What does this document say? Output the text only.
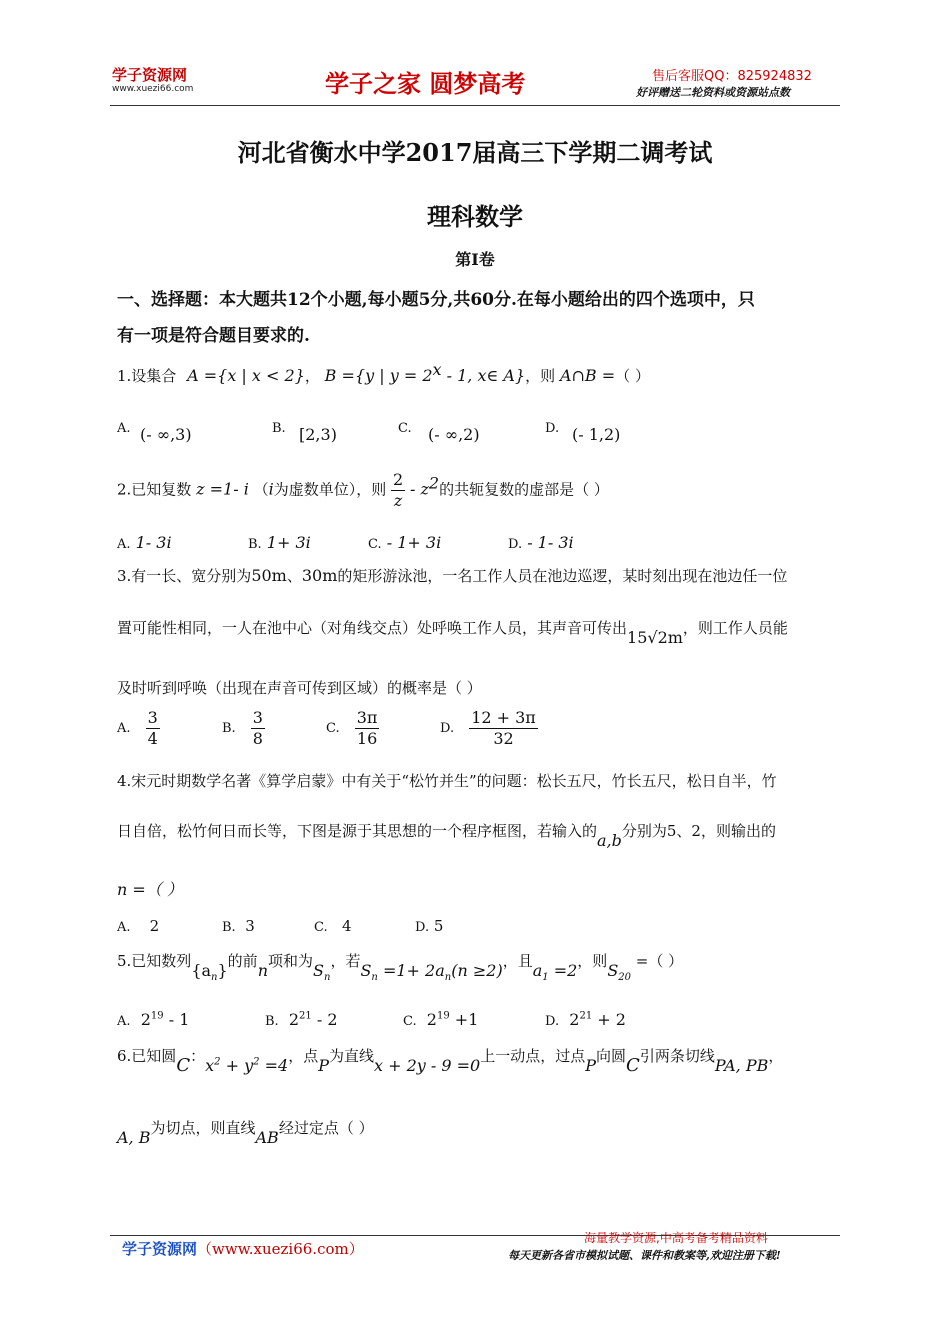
学子资源网
www.xuezi66.com	学子之家 圆梦高考	售后客服QQ：825924832
好评赠送二轮资料或资源站点数
河北省衡水中学2017届高三下学期二调考试
理科数学
第Ⅰ卷
一、选择题：本大题共12个小题,每小题5分,共60分.在每小题给出的四个选项中，只
有一项是符合题目要求的.
1.设集合 A ={x | x < 2}， B ={y | $y = 2^x - 1$, x∈ A}，则 A∩B =（ ）
A. (- ∞,3)	B. [2,3)	C. (- ∞,2)	D. (- 1,2)
2.已知复数 z =1- i （i为虚数单位），则 $\frac{2}{z} - z^2$的共轭复数的虚部是（ ）
A. 1- 3i	B. 1+ 3i	C. - 1+ 3i	D. - 1- 3i
3.有一长、宽分别为50m、30m的矩形游泳池，一名工作人员在池边巡逻，某时刻出现在池边任一位
置可能性相同，一人在池中心（对角线交点）处呼唤工作人员，其声音可传出15√2m，则工作人员能
及时听到呼唤（出现在声音可传到区域）的概率是（ ）
A. $\frac{3}{4}$	B. $\frac{3}{8}$	C. $\frac{3\pi}{16}$	D. $\frac{12 + 3\pi}{32}$
4.宋元时期数学名著《算学启蒙》中有关于“松竹并生”的问题：松长五尺，竹长五尺，松日自半，竹
日自倍，松竹何日而长等，下图是源于其思想的一个程序框图，若输入的a,b分别为5、2，则输出的
n =（ ）
A. 2	B. 3	C. 4	D. 5
5.已知数列$\{a_n\}$的前n项和为$S_n$，若$S_n =1+ 2a_n(n \ge 2)$，且$a_1 =2$，则$S_{20}$ =（ ）
A. $2^{19} - 1$	B. $2^{21} - 2$	C. $2^{19} +1$	D. $2^{21} + 2$
6.已知圆C：$x^2 + y^2 =4$，点P为直线x + 2y - 9 =0上一动点，过点P向圆C引两条切线PA, PB，
A, B为切点，则直线AB经过定点（ ）
学子资源网（www.xuezi66.com）
海量教学资源,中高考备考精品资料
每天更新各省市模拟试题、课件和教案等,欢迎注册下载!
